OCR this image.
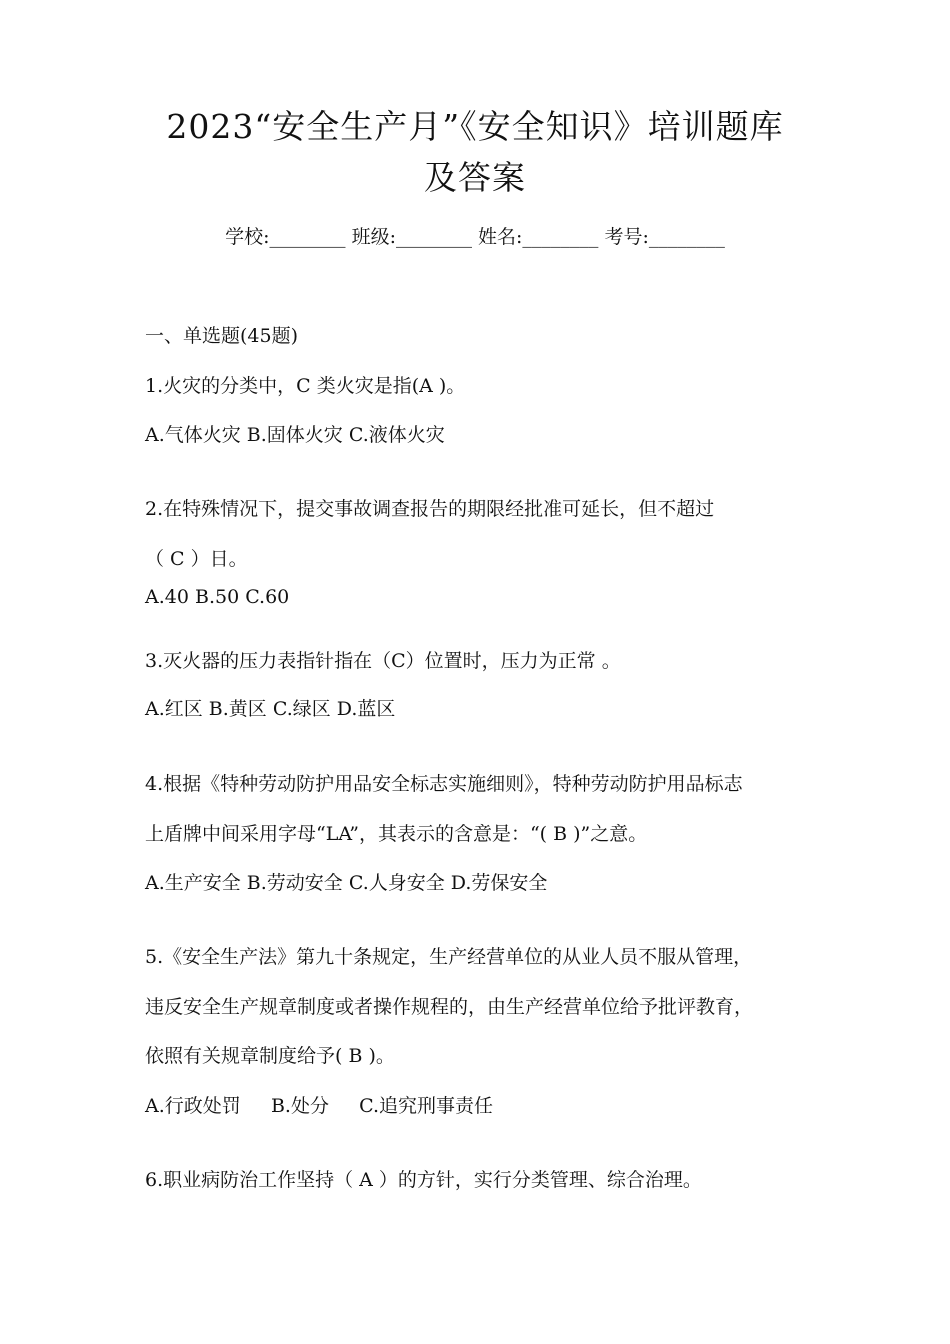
2023“安全生产月”《安全知识》培训题库
及答案
学校:________ 班级:________ 姓名:________ 考号:________
一、单选题(45题)
1.火灾的分类中，C 类火灾是指(A )。
A.气体火灾 B.固体火灾 C.液体火灾
2.在特殊情况下，提交事故调查报告的期限经批准可延长，但不超过
（ C ）日。
A.40 B.50 C.60
3.灭火器的压力表指针指在（C）位置时，压力为正常 。
A.红区 B.黄区 C.绿区 D.蓝区
4.根据《特种劳动防护用品安全标志实施细则》，特种劳动防护用品标志
上盾牌中间采用字母“LA”，其表示的含意是：“( B )”之意。
A.生产安全 B.劳动安全 C.人身安全 D.劳保安全
5.《安全生产法》第九十条规定，生产经营单位的从业人员不服从管理，
违反安全生产规章制度或者操作规程的，由生产经营单位给予批评教育，
依照有关规章制度给予( B )。
A.行政处罚     B.处分     C.追究刑事责任
6.职业病防治工作坚持（ A ）的方针，实行分类管理、综合治理。
